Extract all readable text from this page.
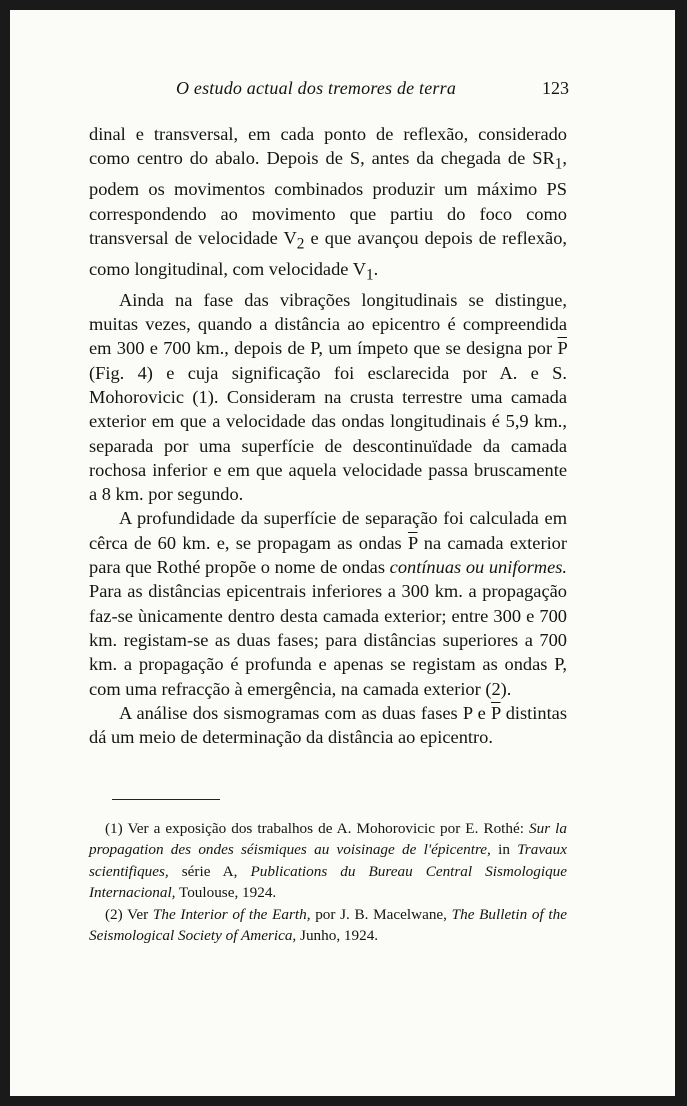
O estudo actual dos tremores de terra	123

dinal e transversal, em cada ponto de reflexão, considerado como centro do abalo. Depois de S, antes da chegada de $SR_1$, podem os movimentos combinados produzir um máximo PS correspondendo ao movimento que partiu do foco como transversal de velocidade $V_2$ e que avançou depois de reflexão, como longitudinal, com velocidade $V_1$.

Ainda na fase das vibrações longitudinais se distingue, muitas vezes, quando a distância ao epicentro é compreendida em 300 e 700 km., depois de P, um ímpeto que se designa por $\overline{P}$ (Fig. 4) e cuja significação foi esclarecida por A. e S. Mohorovicic (1). Consideram na crusta terrestre uma camada exterior em que a velocidade das ondas longitudinais é 5,9 km., separada por uma superfície de descontinuïdade da camada rochosa inferior e em que aquela velocidade passa bruscamente a 8 km. por segundo.

A profundidade da superfície de separação foi calculada em cêrca de 60 km. e, se propagam as ondas $\overline{P}$ na camada exterior para que Rothé propõe o nome de ondas contínuas ou uniformes. Para as distâncias epicentrais inferiores a 300 km. a propagação faz-se ùnicamente dentro desta camada exterior; entre 300 e 700 km. registam-se as duas fases; para distâncias superiores a 700 km. a propagação é profunda e apenas se registam as ondas P, com uma refracção à emergência, na camada exterior (2).

A análise dos sismogramas com as duas fases P e $\overline{P}$ distintas dá um meio de determinação da distância ao epicentro.

(1) Ver a exposição dos trabalhos de A. Mohorovicic por E. Rothé: Sur la propagation des ondes séismiques au voisinage de l'épicentre, in Travaux scientifiques, série A, Publications du Bureau Central Sismologique Internacional, Toulouse, 1924.

(2) Ver The Interior of the Earth, por J. B. Macelwane, The Bulletin of the Seismological Society of America, Junho, 1924.
